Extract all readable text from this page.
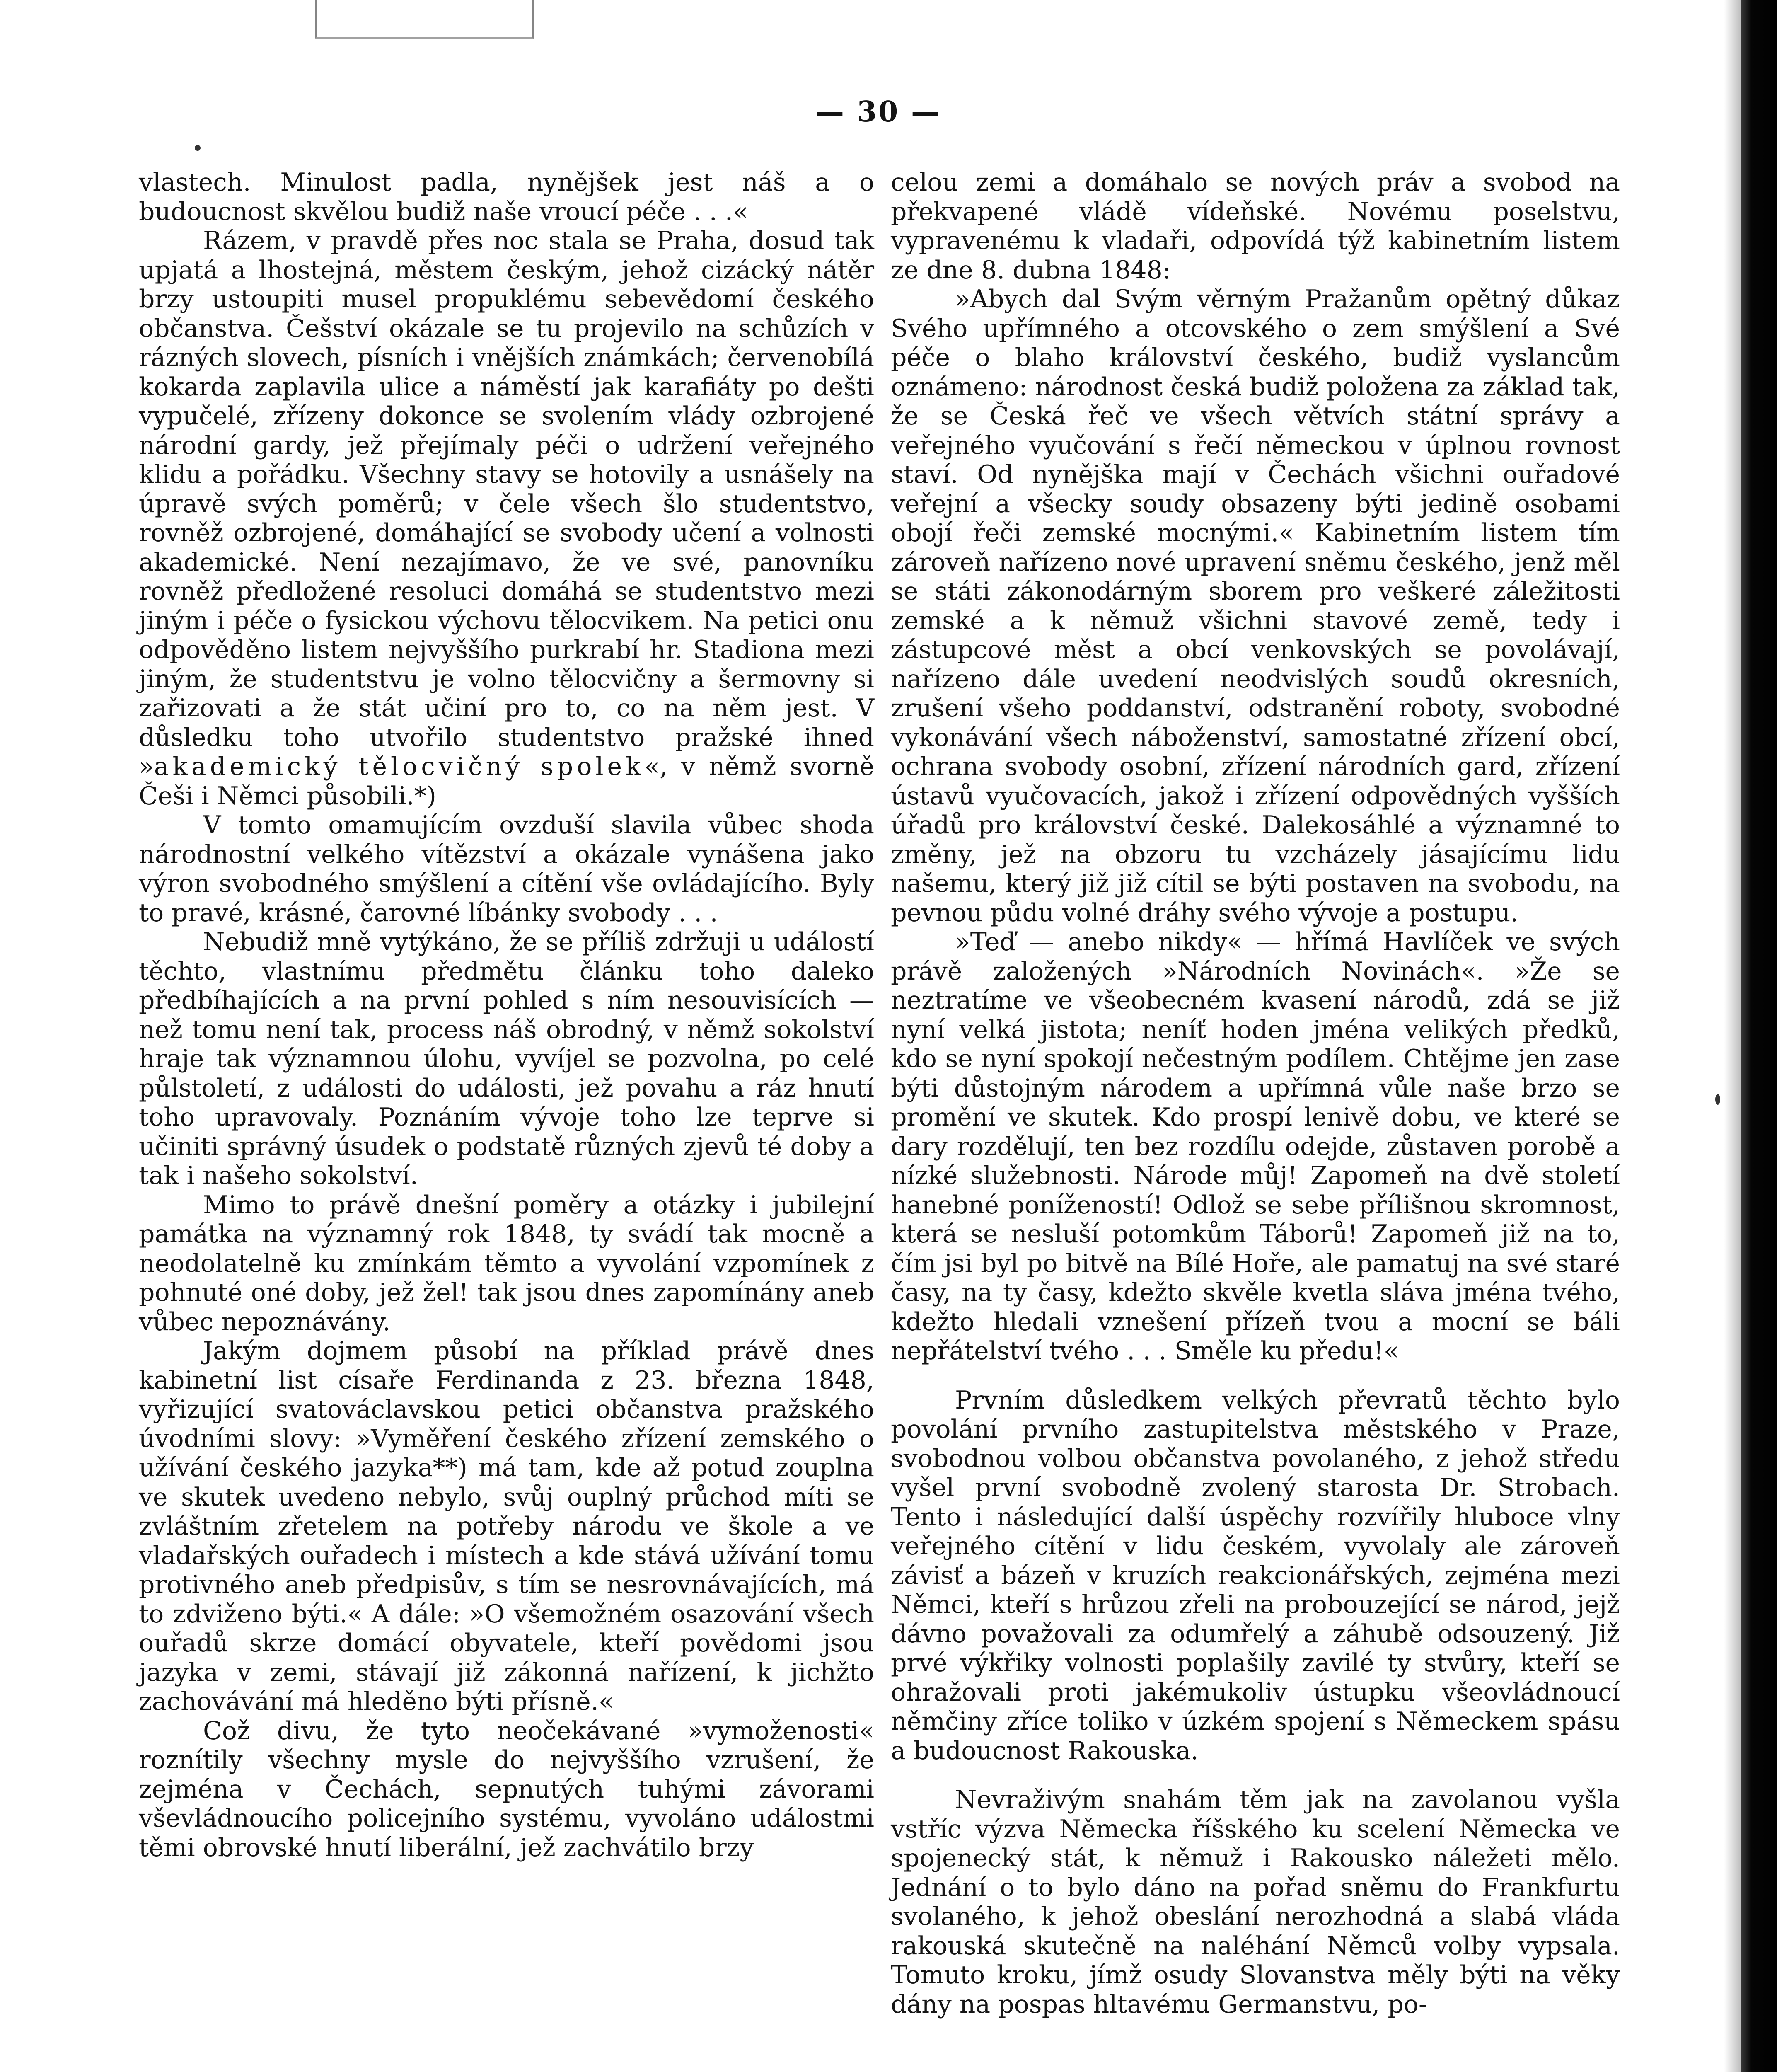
— 30 —

vlastech. Minulost padla, nynějšek jest náš a o budoucnost skvělou budiž naše vroucí péče . . .«

Rázem, v pravdě přes noc stala se Praha, dosud tak upjatá a lhostejná, městem českým, jehož cizácký nátěr brzy ustoupiti musel propuklému sebevědomí českého občanstva. Češství okázale se tu projevilo na schůzích v rázných slovech, písních i vnějších známkách; červenobílá kokarda zaplavila ulice a náměstí jak karafiáty po dešti vypučelé, zřízeny dokonce se svolením vlády ozbrojené národní gardy, jež přejímaly péči o udržení veřejného klidu a pořádku. Všechny stavy se hotovily a usnášely na úpravě svých poměrů; v čele všech šlo studentstvo, rovněž ozbrojené, domáhající se svobody učení a volnosti akademické. Není nezajímavo, že ve své, panovníku rovněž předložené resoluci domáhá se studentstvo mezi jiným i péče o fysickou výchovu tělocvikem. Na petici onu odpověděno listem nejvyššího purkrabí hr. Stadiona mezi jiným, že studentstvu je volno tělocvičny a šermovny si zařizovati a že stát učiní pro to, co na něm jest. V důsledku toho utvořilo studentstvo pražské ihned »akademický tělocvičný spolek«, v němž svorně Češi i Němci působili.*)

V tomto omamujícím ovzduší slavila vůbec shoda národnostní velkého vítězství a okázale vynášena jako výron svobodného smýšlení a cítění vše ovládajícího. Byly to pravé, krásné, čarovné líbánky svobody . . .

Nebudiž mně vytýkáno, že se příliš zdržuji u událostí těchto, vlastnímu předmětu článku toho daleko předbíhajících a na první pohled s ním nesouvisících — než tomu není tak, process náš obrodný, v němž sokolství hraje tak významnou úlohu, vyvíjel se pozvolna, po celé půlstoletí, z události do události, jež povahu a ráz hnutí toho upravovaly. Poznáním vývoje toho lze teprve si učiniti správný úsudek o podstatě různých zjevů té doby a tak i našeho sokolství.

Mimo to právě dnešní poměry a otázky i jubilejní památka na významný rok 1848, ty svádí tak mocně a neodolatelně ku zmínkám těmto a vyvolání vzpomínek z pohnuté oné doby, jež žel! tak jsou dnes zapomínány aneb vůbec nepoznávány.

Jakým dojmem působí na příklad právě dnes kabinetní list císaře Ferdinanda z 23. března 1848, vyřizující svatováclavskou petici občanstva pražského úvodními slovy: »Vyměření českého zřízení zemského o užívání českého jazyka**) má tam, kde až potud zouplna ve skutek uvedeno nebylo, svůj ouplný průchod míti se zvláštním zřetelem na potřeby národu ve škole a ve vladařských ouřadech i místech a kde stává užívání tomu protivného aneb předpisův, s tím se nesrovnávajících, má to zdviženo býti.« A dále: »O všemožném osazování všech ouřadů skrze domácí obyvatele, kteří povědomi jsou jazyka v zemi, stávají již zákonná nařízení, k jichžto zachovávání má hleděno býti přísně.«

Což divu, že tyto neočekávané »vymoženosti« roznítily všechny mysle do nejvyššího vzrušení, že zejména v Čechách, sepnutých tuhými závorami vševládnoucího policejního systému, vyvoláno událostmi těmi obrovské hnutí liberální, jež zachvátilo brzy

celou zemi a domáhalo se nových práv a svobod na překvapené vládě vídeňské. Novému poselstvu, vypravenému k vladaři, odpovídá týž kabinetním listem ze dne 8. dubna 1848:

»Abych dal Svým věrným Pražanům opětný důkaz Svého upřímného a otcovského o zem smýšlení a Své péče o blaho království českého, budiž vyslancům oznámeno: národnost česká budiž položena za základ tak, že se Česká řeč ve všech větvích státní správy a veřejného vyučování s řečí německou v úplnou rovnost staví. Od nynějška mají v Čechách všichni ouřadové veřejní a všecky soudy obsazeny býti jedině osobami obojí řeči zemské mocnými.« Kabinetním listem tím zároveň nařízeno nové upravení sněmu českého, jenž měl se státi zákonodárným sborem pro veškeré záležitosti zemské a k němuž všichni stavové země, tedy i zástupcové měst a obcí venkovských se povolávají, nařízeno dále uvedení neodvislých soudů okresních, zrušení všeho poddanství, odstranění roboty, svobodné vykonávání všech náboženství, samostatné zřízení obcí, ochrana svobody osobní, zřízení národních gard, zřízení ústavů vyučovacích, jakož i zřízení odpovědných vyšších úřadů pro království české. Dalekosáhlé a významné to změny, jež na obzoru tu vzcházely jásajícímu lidu našemu, který již již cítil se býti postaven na svobodu, na pevnou půdu volné dráhy svého vývoje a postupu.

»Teď — anebo nikdy« — hřímá Havlíček ve svých právě založených »Národních Novinách«. »Že se neztratíme ve všeobecném kvasení národů, zdá se již nyní velká jistota; neníť hoden jména velikých předků, kdo se nyní spokojí nečestným podílem. Chtějme jen zase býti důstojným národem a upřímná vůle naše brzo se promění ve skutek. Kdo prospí lenivě dobu, ve které se dary rozdělují, ten bez rozdílu odejde, zůstaven porobě a nízké služebnosti. Národe můj! Zapomeň na dvě století hanebné ponížeností! Odlož se sebe přílišnou skromnost, která se nesluší potomkům Táborů! Zapomeň již na to, čím jsi byl po bitvě na Bílé Hoře, ale pamatuj na své staré časy, na ty časy, kdežto skvěle kvetla sláva jména tvého, kdežto hledali vznešení přízeň tvou a mocní se báli nepřátelství tvého . . . Směle ku předu!«

Prvním důsledkem velkých převratů těchto bylo povolání prvního zastupitelstva městského v Praze, svobodnou volbou občanstva povolaného, z jehož středu vyšel první svobodně zvolený starosta Dr. Strobach. Tento i následující další úspěchy rozvířily hluboce vlny veřejného cítění v lidu českém, vyvolaly ale zároveň závisť a bázeň v kruzích reakcionářských, zejména mezi Němci, kteří s hrůzou zřeli na probouzející se národ, jejž dávno považovali za odumřelý a záhubě odsouzený. Již prvé výkřiky volnosti poplašily zavilé ty stvůry, kteří se ohražovali proti jakémukoliv ústupku všeovládnoucí němčiny zříce toliko v úzkém spojení s Německem spásu a budoucnost Rakouska.

Nevraživým snahám těm jak na zavolanou vyšla vstříc výzva Německa říšského ku scelení Německa ve spojenecký stát, k němuž i Rakousko náležeti mělo. Jednání o to bylo dáno na pořad sněmu do Frankfurtu svolaného, k jehož obeslání nerozhodná a slabá vláda rakouská skutečně na naléhání Němců volby vypsala. Tomuto kroku, jímž osudy Slovanstva měly býti na věky dány na pospas hltavému Germanstvu, po-
